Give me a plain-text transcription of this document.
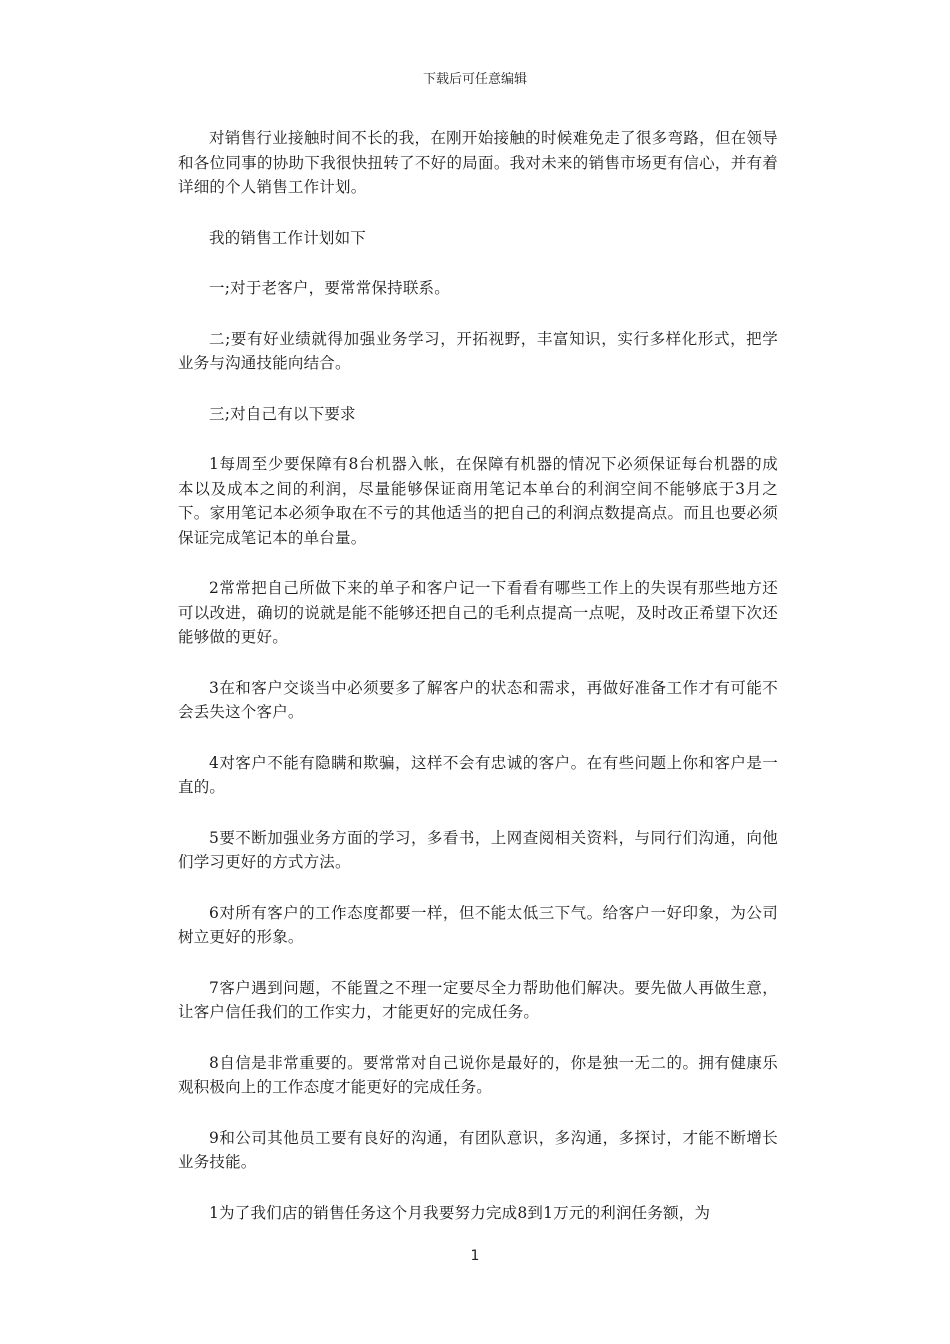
下载后可任意编辑

对销售行业接触时间不长的我，在刚开始接触的时候难免走了很多弯路，但在领导和各位同事的协助下我很快扭转了不好的局面。我对未来的销售市场更有信心，并有着详细的个人销售工作计划。

我的销售工作计划如下

一;对于老客户，要常常保持联系。

二;要有好业绩就得加强业务学习，开拓视野，丰富知识，实行多样化形式，把学业务与沟通技能向结合。

三;对自己有以下要求

1每周至少要保障有8台机器入帐，在保障有机器的情况下必须保证每台机器的成本以及成本之间的利润，尽量能够保证商用笔记本单台的利润空间不能够底于3月之下。家用笔记本必须争取在不亏的其他适当的把自己的利润点数提高点。而且也要必须保证完成笔记本的单台量。

2常常把自己所做下来的单子和客户记一下看看有哪些工作上的失误有那些地方还可以改进，确切的说就是能不能够还把自己的毛利点提高一点呢，及时改正希望下次还能够做的更好。

3在和客户交谈当中必须要多了解客户的状态和需求，再做好准备工作才有可能不会丢失这个客户。

4对客户不能有隐瞒和欺骗，这样不会有忠诚的客户。在有些问题上你和客户是一直的。

5要不断加强业务方面的学习，多看书，上网查阅相关资料，与同行们沟通，向他们学习更好的方式方法。

6对所有客户的工作态度都要一样，但不能太低三下气。给客户一好印象，为公司树立更好的形象。

7客户遇到问题，不能置之不理一定要尽全力帮助他们解决。要先做人再做生意，让客户信任我们的工作实力，才能更好的完成任务。

8自信是非常重要的。要常常对自己说你是最好的，你是独一无二的。拥有健康乐观积极向上的工作态度才能更好的完成任务。

9和公司其他员工要有良好的沟通，有团队意识，多沟通，多探讨，才能不断增长业务技能。

1为了我们店的销售任务这个月我要努力完成8到1万元的利润任务额，为

1
